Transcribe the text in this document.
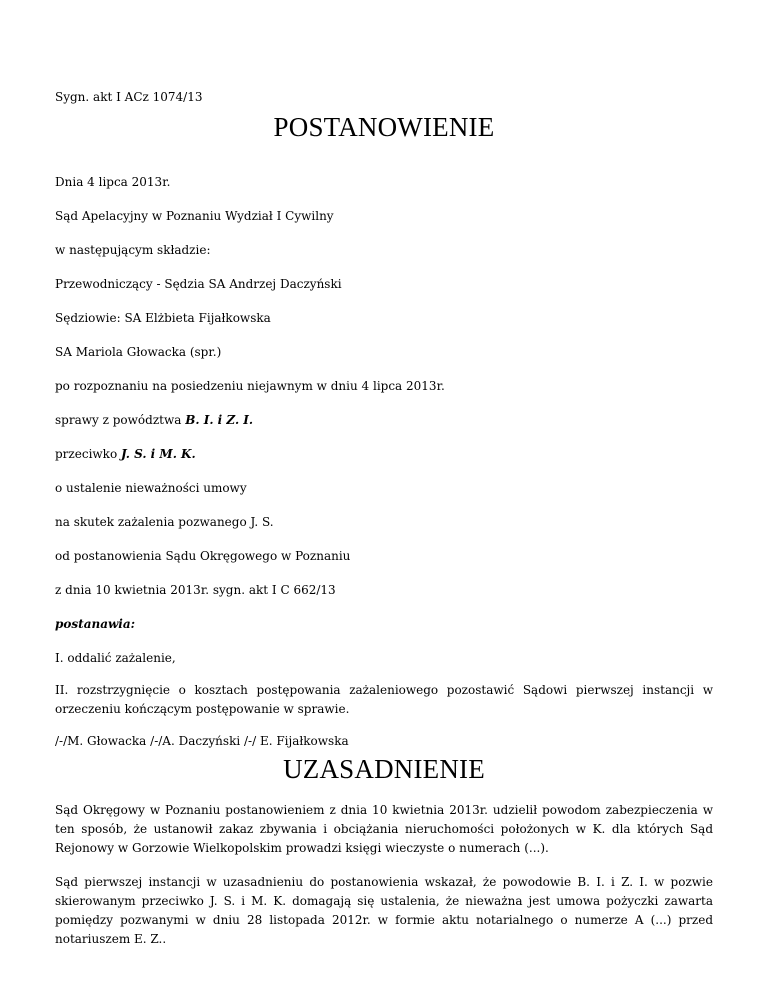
Sygn. akt I ACz 1074/13
POSTANOWIENIE
Dnia 4 lipca 2013r.
Sąd Apelacyjny w Poznaniu Wydział I Cywilny
w następującym składzie:
Przewodniczący - Sędzia SA Andrzej Daczyński
Sędziowie: SA Elżbieta Fijałkowska
SA Mariola Głowacka (spr.)
po rozpoznaniu na posiedzeniu niejawnym w dniu 4 lipca 2013r.
sprawy z powództwa B. I. i Z. I.
przeciwko J. S. i M. K.
o ustalenie nieważności umowy
na skutek zażalenia pozwanego J. S.
od postanowienia Sądu Okręgowego w Poznaniu
z dnia 10 kwietnia 2013r. sygn. akt I C 662/13
postanawia:
I. oddalić zażalenie,
II. rozstrzygnięcie o kosztach postępowania zażaleniowego pozostawić Sądowi pierwszej instancji w orzeczeniu kończącym postępowanie w sprawie.
/-/M. Głowacka /-/A. Daczyński /-/ E. Fijałkowska
UZASADNIENIE
Sąd Okręgowy w Poznaniu postanowieniem z dnia 10 kwietnia 2013r. udzielił powodom zabezpieczenia w ten sposób, że ustanowił zakaz zbywania i obciążania nieruchomości położonych w K. dla których Sąd Rejonowy w Gorzowie Wielkopolskim prowadzi księgi wieczyste o numerach (...).
Sąd pierwszej instancji w uzasadnieniu do postanowienia wskazał, że powodowie B. I. i Z. I. w pozwie skierowanym przeciwko J. S. i M. K. domagają się ustalenia, że nieważna jest umowa pożyczki zawarta pomiędzy pozwanymi w dniu 28 listopada 2012r. w formie aktu notarialnego o numerze A (...) przed notariuszem E. Z..
